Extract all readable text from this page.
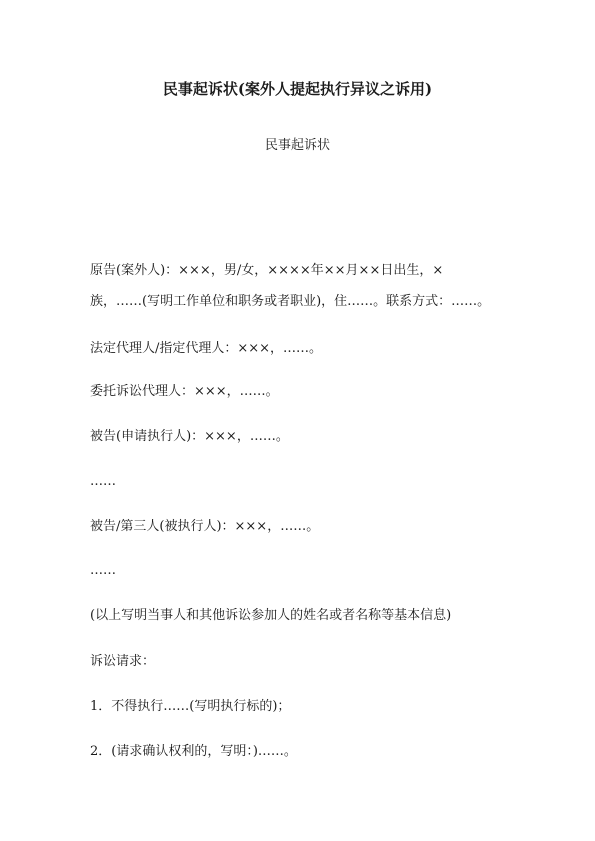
民事起诉状(案外人提起执行异议之诉用)
民事起诉状
原告(案外人)：×××，男/女，××××年××月××日出生，×
族，……(写明工作单位和职务或者职业)，住……。联系方式：……。
法定代理人/指定代理人：×××，……。
委托诉讼代理人：×××，……。
被告(申请执行人)：×××，……。
……
被告/第三人(被执行人)：×××，……。
……
(以上写明当事人和其他诉讼参加人的姓名或者名称等基本信息)
诉讼请求：
1．不得执行……(写明执行标的)；
2．(请求确认权利的，写明：)……。
